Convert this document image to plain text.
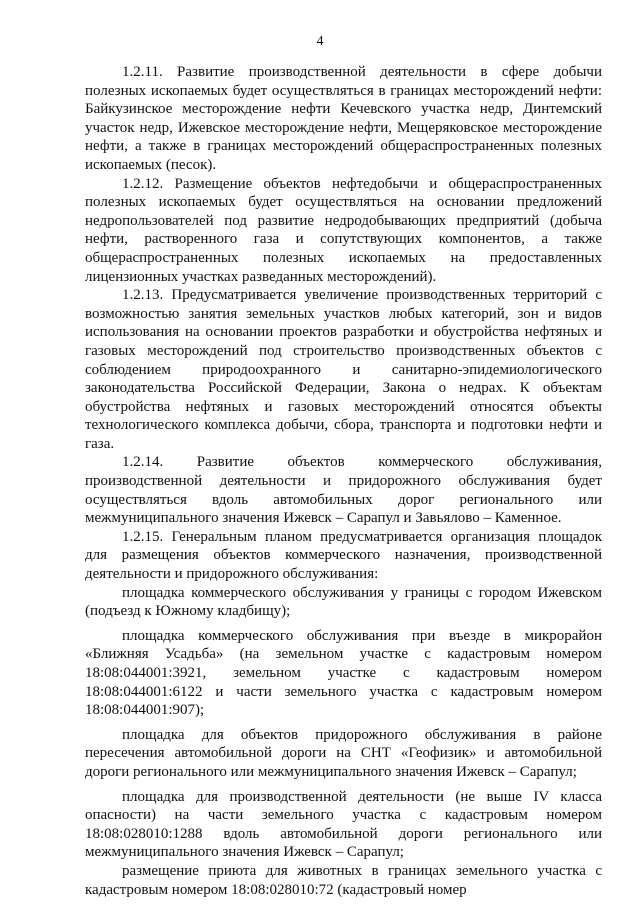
4

1.2.11. Развитие производственной деятельности в сфере добычи полезных ископаемых будет осуществляться в границах месторождений нефти: Байкузинское месторождение нефти Кечевского участка недр, Динтемский участок недр, Ижевское месторождение нефти, Мещеряковское месторождение нефти, а также в границах месторождений общераспространенных полезных ископаемых (песок).

1.2.12. Размещение объектов нефтедобычи и общераспространенных полезных ископаемых будет осуществляться на основании предложений недропользователей под развитие недродобывающих предприятий (добыча нефти, растворенного газа и сопутствующих компонентов, а также общераспространенных полезных ископаемых на предоставленных лицензионных участках разведанных месторождений).

1.2.13. Предусматривается увеличение производственных территорий с возможностью занятия земельных участков любых категорий, зон и видов использования на основании проектов разработки и обустройства нефтяных и газовых месторождений под строительство производственных объектов с соблюдением природоохранного и санитарно-эпидемиологического законодательства Российской Федерации, Закона о недрах. К объектам обустройства нефтяных и газовых месторождений относятся объекты технологического комплекса добычи, сбора, транспорта и подготовки нефти и газа.

1.2.14. Развитие объектов коммерческого обслуживания, производственной деятельности и придорожного обслуживания будет осуществляться вдоль автомобильных дорог регионального или межмуниципального значения Ижевск – Сарапул и Завьялово – Каменное.

1.2.15. Генеральным планом предусматривается организация площадок для размещения объектов коммерческого назначения, производственной деятельности и придорожного обслуживания:

площадка коммерческого обслуживания у границы с городом Ижевском (подъезд к Южному кладбищу);

площадка коммерческого обслуживания при въезде в микрорайон «Ближняя Усадьба» (на земельном участке с кадастровым номером 18:08:044001:3921, земельном участке с кадастровым номером 18:08:044001:6122 и части земельного участка с кадастровым номером 18:08:044001:907);

площадка для объектов придорожного обслуживания в районе пересечения автомобильной дороги на СНТ «Геофизик» и автомобильной дороги регионального или межмуниципального значения Ижевск – Сарапул;

площадка для производственной деятельности (не выше IV класса опасности) на части земельного участка с кадастровым номером 18:08:028010:1288 вдоль автомобильной дороги регионального или межмуниципального значения Ижевск – Сарапул;

размещение приюта для животных в границах земельного участка с кадастровым номером 18:08:028010:72 (кадастровый номер
